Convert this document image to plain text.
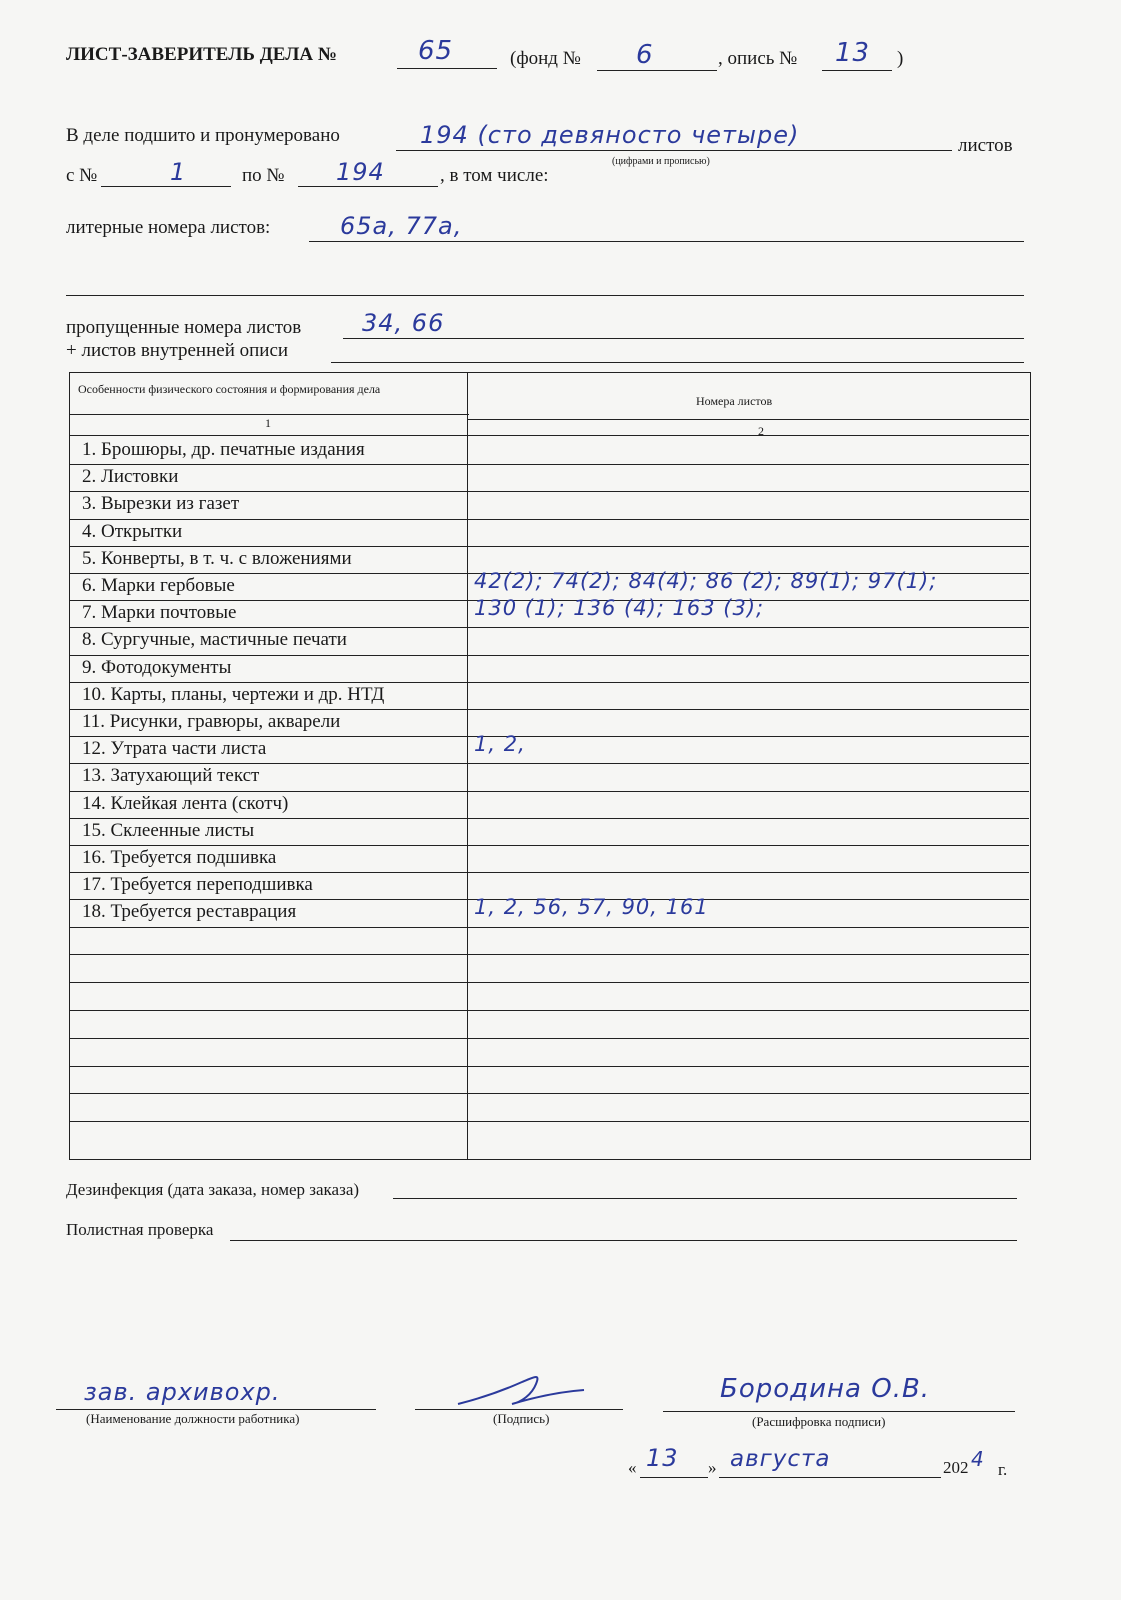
ЛИСТ-ЗАВЕРИТЕЛЬ ДЕЛА №	65	(фонд № 6	, опись № 13 )
В деле подшито и пронумеровано	194 (сто девяносто четыре)
(цифрами и прописью)
листов
с №	1	по № 194	, в том числе:
литерные номера листов:	65а, 77а,
пропущенные номера листов	34, 66
+ листов внутренней описи
Особенности физического состояния и формирования дела
Номера листов
1
2
1. Брошюры, др. печатные издания
2. Листовки
3. Вырезки из газет
4. Открытки
5. Конверты, в т. ч. с вложениями
6. Марки гербовые	42(2); 74(2); 84(4); 86 (2); 89(1); 97(1);
7. Марки почтовые	130 (1); 136 (4); 163 (3);
8. Сургучные, мастичные печати
9. Фотодокументы
10. Карты, планы, чертежи и др. НТД
11. Рисунки, гравюры, акварели
12. Утрата части листа	1, 2,
13. Затухающий текст
14. Клейкая лента (скотч)
15. Склеенные листы
16. Требуется подшивка
17. Требуется переподшивка
18. Требуется реставрация	1, 2, 56, 57, 90, 161
Дезинфекция (дата заказа, номер заказа)
Полистная проверка
зав. архивохр.
(Наименование должности работника)	(Подпись)
Бородина О.В.
(Расшифровка подписи)
« 13 » августа	202 4 г.
